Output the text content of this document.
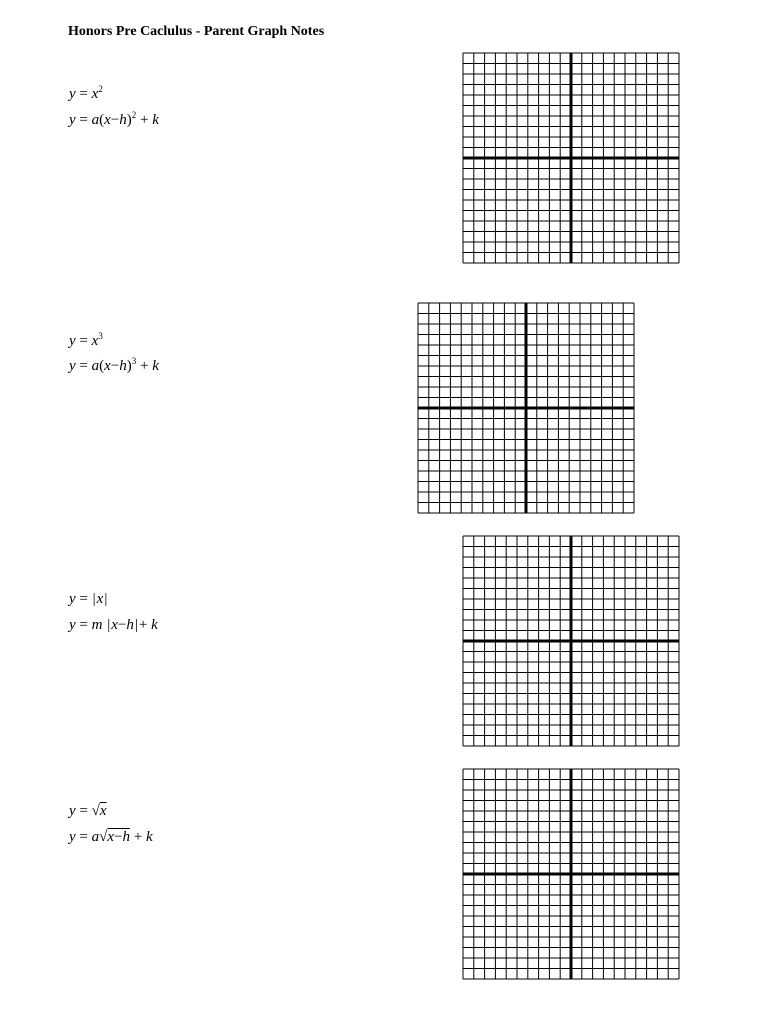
Honors Pre Caclulus - Parent Graph Notes
$y = x^2$
$y = a(x-h)^2 + k$
$y = x^3$
$y = a(x-h)^3 + k$
y = |x|
y = m |x−h|+ k
y = √x
y = a√x−h + k
